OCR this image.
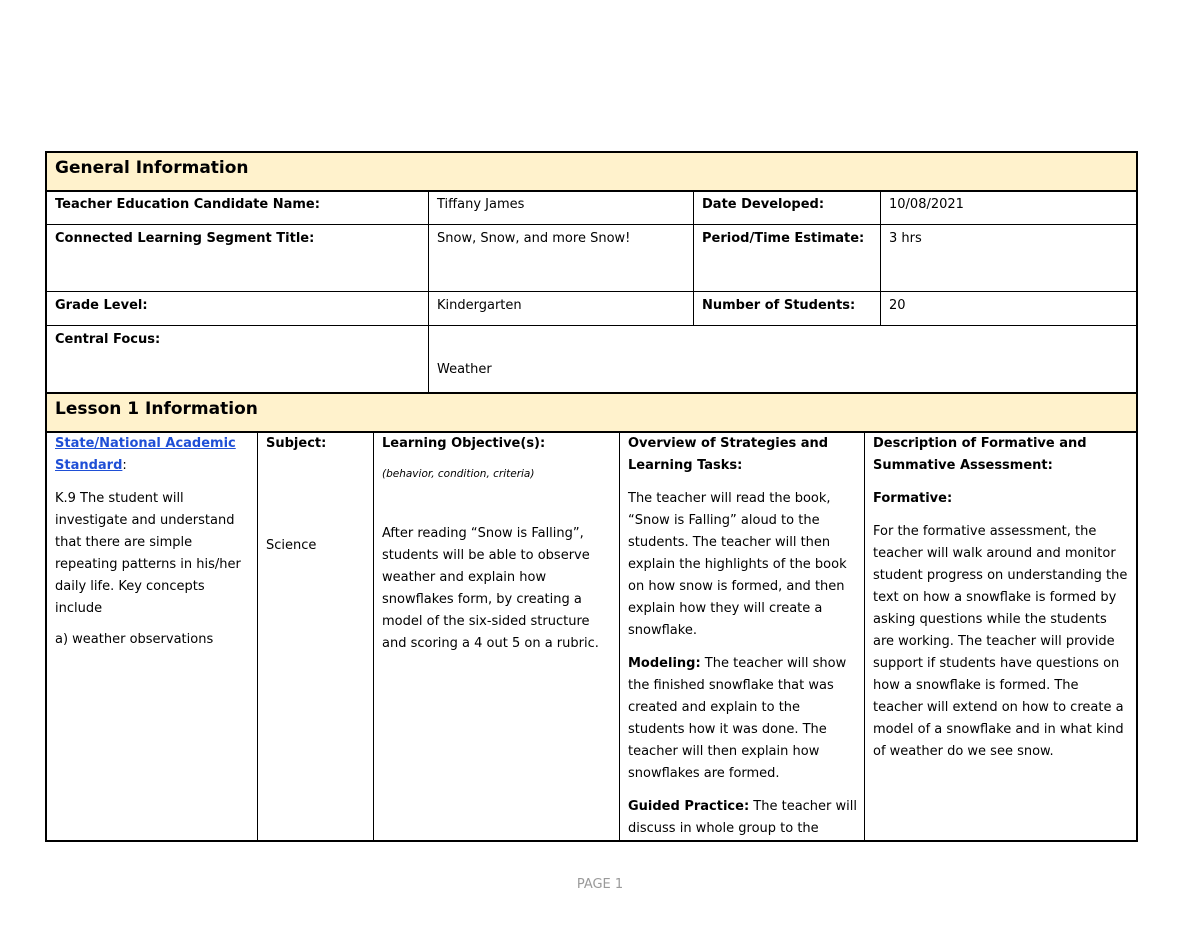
General Information
Teacher Education Candidate Name:	Tiffany James	Date Developed:	10/08/2021
Connected Learning Segment Title:	Snow, Snow, and more Snow!	Period/Time Estimate: 3 hrs
Grade Level:	Kindergarten	Number of Students:	20
Central Focus:
Weather
Lesson 1 Information

State/National Academic
Standard:

K.9 The student will investigate and understand that there are simple repeating patterns in his/her daily life. Key concepts include

a) weather observations

Subject:

Science

Learning Objective(s):

(behavior, condition, criteria)

After reading “Snow is Falling”, students will be able to observe weather and explain how snowflakes form, by creating a model of the six-sided structure and scoring a 4 out 5 on a rubric.

Overview of Strategies and Learning Tasks:

The teacher will read the book, “Snow is Falling” aloud to the students. The teacher will then explain the highlights of the book on how snow is formed, and then explain how they will create a snowflake.

Modeling: The teacher will show the finished snowflake that was created and explain to the students how it was done. The teacher will then explain how snowflakes are formed.

Guided Practice: The teacher will discuss in whole group to the

Description of Formative and Summative Assessment:

Formative:

For the formative assessment, the teacher will walk around and monitor student progress on understanding the text on how a snowflake is formed by asking questions while the students are working. The teacher will provide support if students have questions on how a snowflake is formed. The teacher will extend on how to create a model of a snowflake and in what kind of weather do we see snow.

PAGE 1
